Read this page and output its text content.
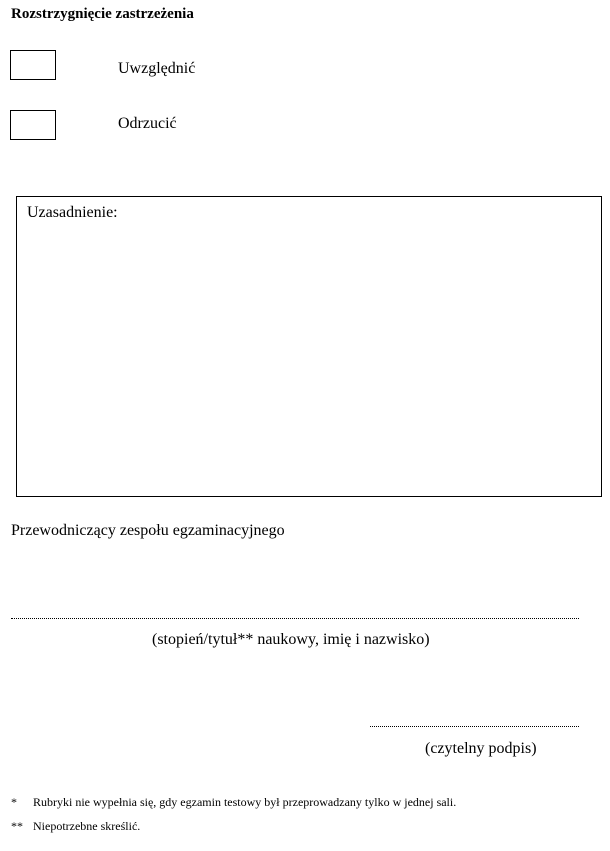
Rozstrzygnięcie zastrzeżenia
Uwzględnić
Odrzucić
Uzasadnienie:
Przewodniczący zespołu egzaminacyjnego
(stopień/tytuł** naukowy, imię i nazwisko)
(czytelny podpis)
* Rubryki nie wypełnia się, gdy egzamin testowy był przeprowadzany tylko w jednej sali.
** Niepotrzebne skreślić.
